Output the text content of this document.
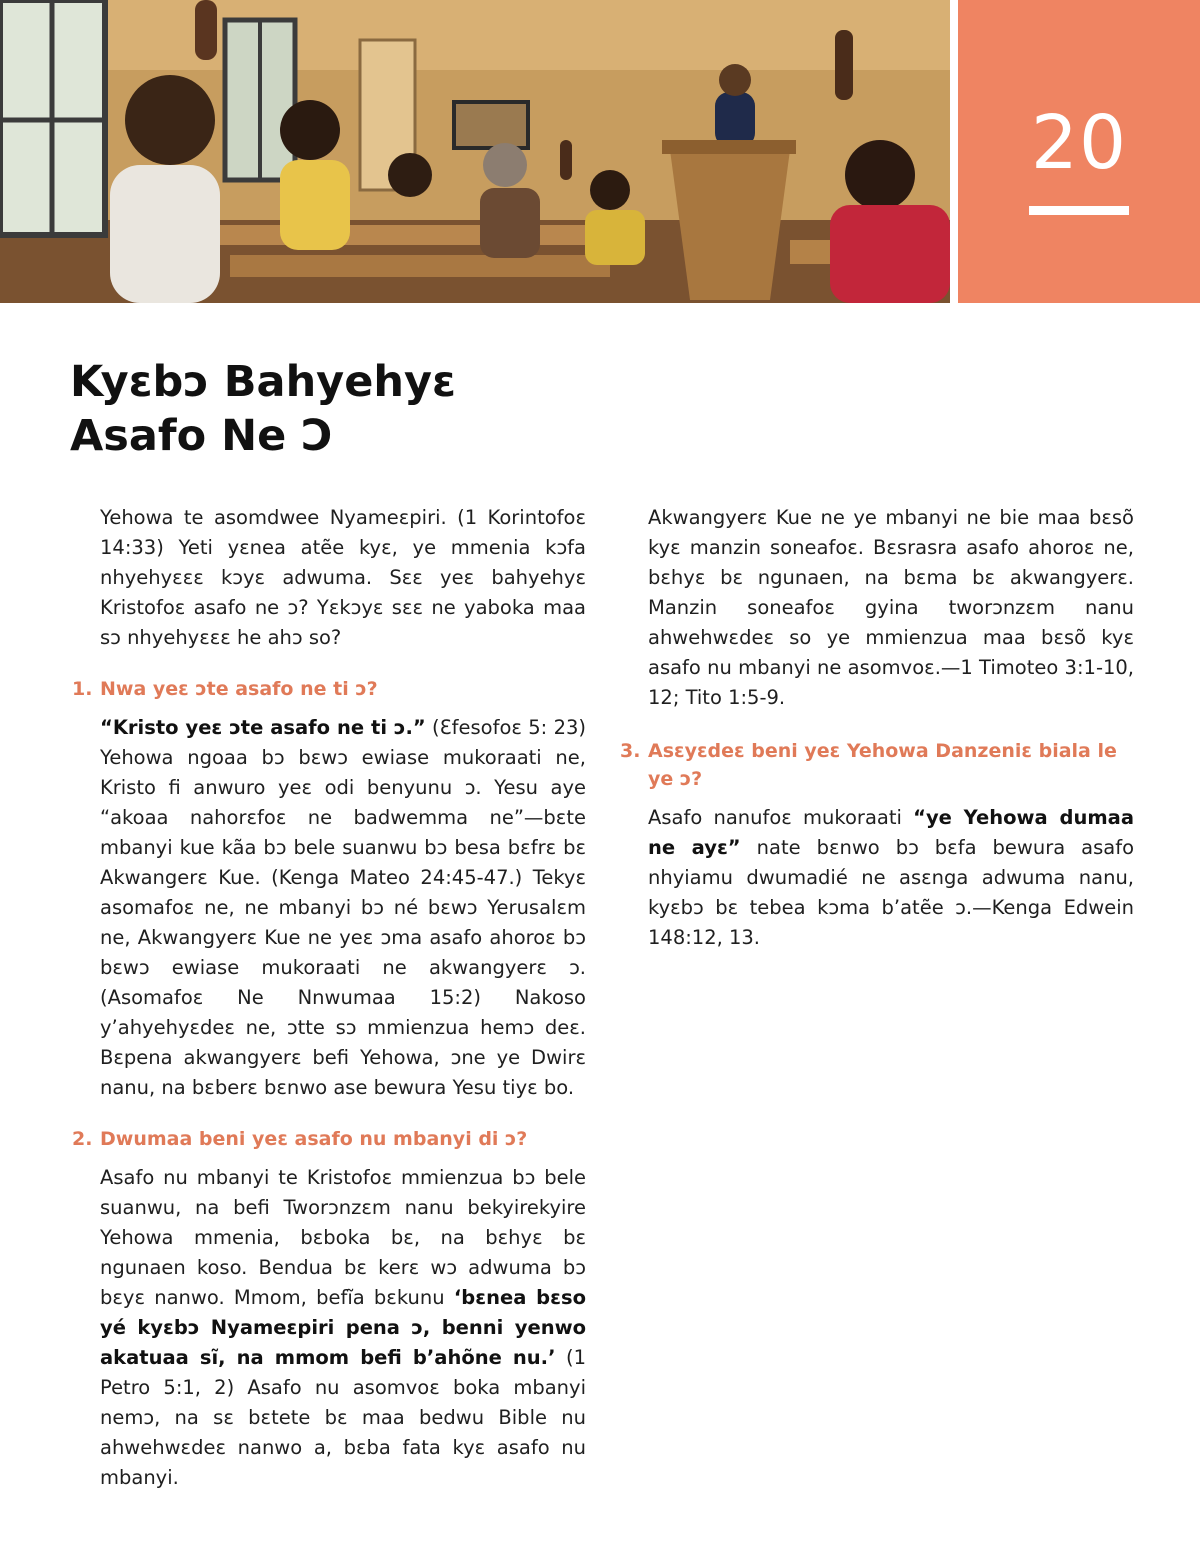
20
Kyɛbɔ Bahyehyɛ
Asafo Ne Ɔ

Yehowa te asomdwee Nyameɛpiri. (1 Korintofoɛ 14:33) Yeti yɛnea atẽe kyɛ, ye mmenia kɔfa nhyehyɛɛɛ kɔyɛ adwuma. Sɛɛ yeɛ bahyehyɛ Kristofoɛ asafo ne ɔ? Yɛkɔyɛ sɛɛ ne yaboka maa sɔ nhyehyɛɛɛ he ahɔ so?

1. Nwa yeɛ ɔte asafo ne ti ɔ?

“Kristo yeɛ ɔte asafo ne ti ɔ.” (Ɛfesofoɛ 5: 23) Yehowa ngoaa bɔ bɛwɔ ewiase mukoraati ne, Kristo fi anwuro yeɛ odi benyunu ɔ. Yesu aye “akoaa nahorɛfoɛ ne badwemma ne”—bɛte mbanyi kue kãa bɔ bele suanwu bɔ besa bɛfrɛ bɛ Akwangerɛ Kue. (Kenga Mateo 24:45-47.) Tekyɛ asomafoɛ ne, ne mbanyi bɔ né bɛwɔ Yerusalɛm ne, Akwangyerɛ Kue ne yeɛ ɔma asafo ahoroɛ bɔ bɛwɔ ewiase mukoraati ne akwangyerɛ ɔ. (Asomafoɛ Ne Nnwumaa 15:2) Nakoso y’ahyehyɛdeɛ ne, ɔtte sɔ mmienzua hemɔ deɛ. Bɛpena akwangyerɛ befi Yehowa, ɔne ye Dwirɛ nanu, na bɛberɛ bɛnwo ase bewura Yesu tiyɛ bo.

2. Dwumaa beni yeɛ asafo nu mbanyi di ɔ?

Asafo nu mbanyi te Kristofoɛ mmienzua bɔ bele suanwu, na befi Tworɔnzɛm nanu bekyirekyire Yehowa mmenia, bɛboka bɛ, na bɛhyɛ bɛ ngunaen koso. Bendua bɛ kerɛ wɔ adwuma bɔ bɛyɛ nanwo. Mmom, befĩa bɛkunu ‘bɛnea bɛso yé kyɛbɔ Nyameɛpiri pena ɔ, benni yenwo akatuaa sĩ, na mmom befi b’ahõne nu.’ (1 Petro 5:1, 2) Asafo nu asomvoɛ boka mbanyi nemɔ, na sɛ bɛtete bɛ maa bedwu Bible nu ahwehwɛdeɛ nanwo a, bɛba fata kyɛ asafo nu mbanyi.

Akwangyerɛ Kue ne ye mbanyi ne bie maa bɛsõ kyɛ manzin soneafoɛ. Bɛsrasra asafo ahoroɛ ne, bɛhyɛ bɛ ngunaen, na bɛma bɛ akwangyerɛ. Manzin soneafoɛ gyina tworɔnzɛm nanu ahwehwɛdeɛ so ye mmienzua maa bɛsõ kyɛ asafo nu mbanyi ne asomvoɛ.—1 Timoteo 3:1-10, 12; Tito 1:5-9.

3. Asɛyɛdeɛ beni yeɛ Yehowa Danzeniɛ biala le ye ɔ?

Asafo nanufoɛ mukoraati “ye Yehowa dumaa ne ayɛ” nate bɛnwo bɔ bɛfa bewura asafo nhyiamu dwumadié ne asɛnga adwuma nanu, kyɛbɔ bɛ tebea kɔma b’atẽe ɔ.—Kenga Edwein 148:12, 13.
